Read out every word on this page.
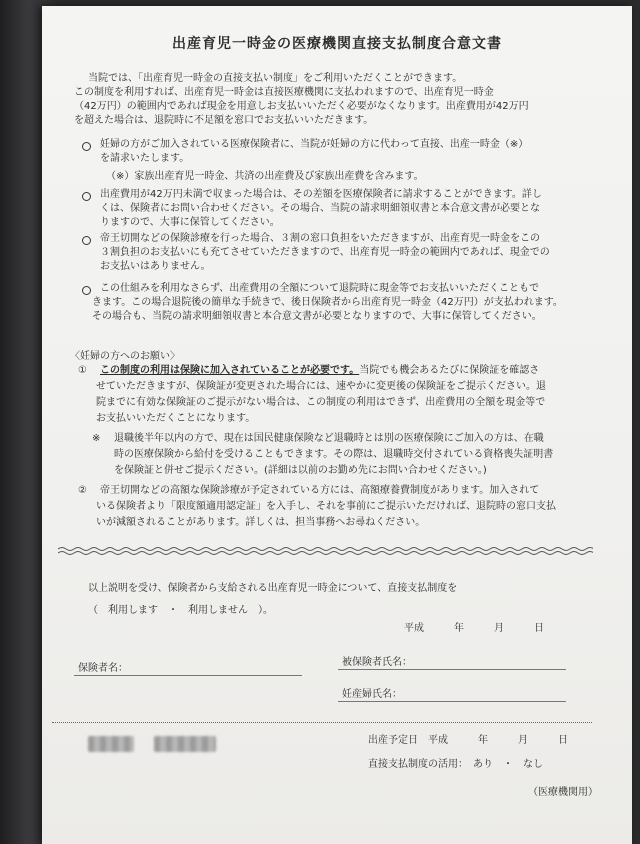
出産育児一時金の医療機関直接支払制度合意文書
当院では、「出産育児一時金の直接支払い制度」をご利用いただくことができます。
この制度を利用すれば、出産育児一時金は直接医療機関に支払われますので、出産育児一時金
（42万円）の範囲内であれば現金を用意しお支払いいただく必要がなくなります。出産費用が42万円
を超えた場合は、退院時に不足額を窓口でお支払いいただきます。
妊婦の方がご加入されている医療保険者に、当院が妊婦の方に代わって直接、出産一時金（※）
を請求いたします。
（※）家族出産育児一時金、共済の出産費及び家族出産費を含みます。
出産費用が42万円未満で収まった場合は、その差額を医療保険者に請求することができます。詳し
くは、保険者にお問い合わせください。その場合、当院の請求明細領収書と本合意文書が必要とな
りますので、大事に保管してください。
帝王切開などの保険診療を行った場合、３割の窓口負担をいただきますが、出産育児一時金をこの
３割負担のお支払いにも充てさせていただきますので、出産育児一時金の範囲内であれば、現金での
お支払いはありません。
この仕組みを利用なさらず、出産費用の全額について退院時に現金等でお支払いいただくこともで
きます。この場合退院後の簡単な手続きで、後日保険者から出産育児一時金（42万円）が支払われます。
その場合も、当院の請求明細領収書と本合意文書が必要となりますので、大事に保管してください。
〈妊婦の方へのお願い〉
① この制度の利用は保険に加入されていることが必要です。当院でも機会あるたびに保険証を確認さ
せていただきますが、保険証が変更された場合には、速やかに変更後の保険証をご提示ください。退
院までに有効な保険証のご提示がない場合は、この制度の利用はできず、出産費用の全額を現金等で
お支払いいただくことになります。
※ 退職後半年以内の方で、現在は国民健康保険など退職時とは別の医療保険にご加入の方は、在職
時の医療保険から給付を受けることもできます。その際は、退職時交付されている資格喪失証明書
を保険証と併せご提示ください。(詳細は以前のお勤め先にお問い合わせください。)
② 帝王切開などの高額な保険診療が予定されている方には、高額療養費制度があります。加入されて
いる保険者より「限度額適用認定証」を入手し、それを事前にご提示いただければ、退院時の窓口支払
いが減額されることがあります。詳しくは、担当事務へお尋ねください。
以上説明を受け、保険者から支給される出産育児一時金について、直接支払制度を
（　利用します　・　利用しません　）。
平成　　　年　　　月　　　日
保険者名：
被保険者氏名：
妊産婦氏名：
出産予定日　平成　　　年　　　月　　　日
直接支払制度の活用：　あり　・　なし
（医療機関用）
